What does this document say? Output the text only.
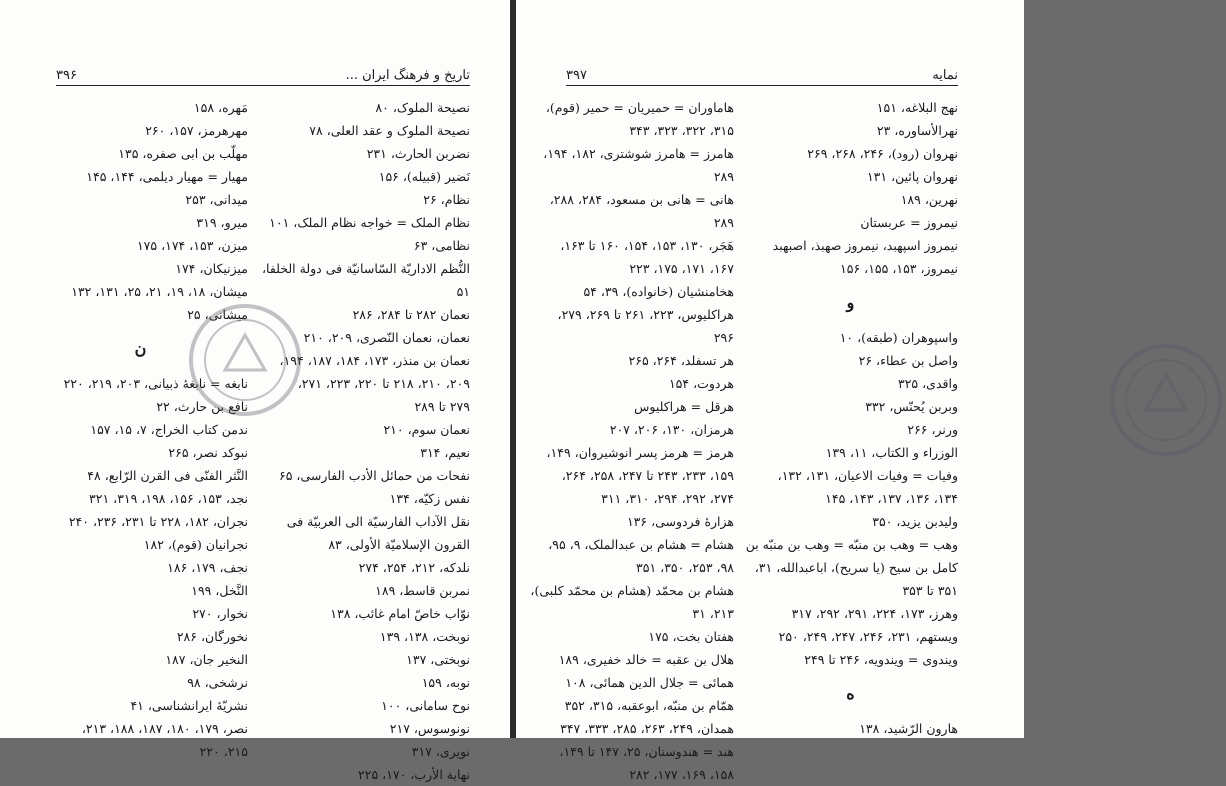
تاریخ و فرهنگ ایران ...
۳۹۶
نصیحة الملوک، ۸۰
نصیحة الملوک و عقد العلی، ۷۸
نضربن الحارث، ۲۳۱
نَضیر (قبیله)، ۱۵۶
نظام، ۲۶
نظام الملک = خواجه نظام الملک، ۱۰۱
نظامی، ۶۳
النُّظم الاداریّة السّاسانیّة فی دولة الخلفا،
۵۱
نعمان ۲۸۲ تا ۲۸۴، ۲۸۶
نعمان، نعمان النّصری، ۲۰۹، ۲۱۰
نعمان بن منذر، ۱۷۳، ۱۸۴، ۱۸۷، ۱۹۴،
۲۰۹، ۲۱۰، ۲۱۸ تا ۲۲۰، ۲۲۳، ۲۷۱،
۲۷۹ تا ۲۸۹
نعمان سوم، ۲۱۰
نعیم، ۳۱۴
نفحات من حمائل الأدب الفارسی، ۶۵
نفس زکیّه، ۱۳۴
نقل الآداب الفارسیّة الی العربیّة فی
القرون الإسلامیّة الأولی، ۸۳
نلدکه، ۲۱۲، ۲۵۴، ۲۷۴
نمربن قاسط، ۱۸۹
نوّاب خاصّ امام غائب، ۱۳۸
نوبخت، ۱۳۸، ۱۳۹
نوبختی، ۱۳۷
نوبه، ۱۵۹
نوح سامانی، ۱۰۰
نونوسوس، ۲۱۷
نویری، ۳۱۷
نهایة الأرب، ۱۷۰، ۲۲۵
مَهره، ۱۵۸
مهرهرمز، ۱۵۷، ۲۶۰
مهلّب بن ابی صفره، ۱۳۵
مهیار = مهیار دیلمی، ۱۴۴، ۱۴۵
میدانی، ۲۵۳
میرو، ۳۱۹
میزن، ۱۵۳، ۱۷۴، ۱۷۵
میزنیکان، ۱۷۴
میشان، ۱۸، ۱۹، ۲۱، ۲۵، ۱۳۱، ۱۳۲
میشانی، ۲۵
ن
نابغه = نابغهٔ ذبیانی، ۲۰۳، ۲۱۹، ۲۲۰
نافع بن حارث، ۲۲
ندمن کتاب الخراج، ۷، ۱۵، ۱۵۷
نبوکد نصر، ۲۶۵
النَّثر الفنّی فی القرن الرّابع، ۴۸
نجد، ۱۵۳، ۱۵۶، ۱۹۸، ۳۱۹، ۳۲۱
نجران، ۱۸۲، ۲۲۸ تا ۲۳۱، ۲۳۶، ۲۴۰
نجرانیان (قوم)، ۱۸۲
نجف، ۱۷۹، ۱۸۶
النَّخل، ۱۹۹
نخوار، ۲۷۰
نخورگان، ۲۸۶
النخیر جان، ۱۸۷
نرشخی، ۹۸
نشریّهٔ ایرانشناسی، ۴۱
نصر، ۱۷۹، ۱۸۰، ۱۸۷، ۱۸۸، ۲۱۳،
۲۱۵، ۲۲۰
نمایه
۳۹۷
نهج البلاغه، ۱۵۱
نهرالأساوره، ۲۳
نهروان (رود)، ۲۴۶، ۲۶۸، ۲۶۹
نهروان پائین، ۱۳۱
نهرین، ۱۸۹
نیمروز = عربستان
نیمروز اسپهبد، نیمروز صهبذ، اصبهبد
نیمروز، ۱۵۳، ۱۵۵، ۱۵۶
و
واسپوهران (طبقه)، ۱۰
واصل بن عطاء، ۲۶
واقدی، ۳۲۵
وبربن یُحنّس، ۳۳۲
ورنر، ۲۶۶
الوزراء و الکتاب، ۱۱، ۱۳۹
وفیات = وفیات الاعیان، ۱۳۱، ۱۳۲،
۱۳۴، ۱۳۶، ۱۳۷، ۱۴۳، ۱۴۵
ولیدبن یزید، ۳۵۰
وهب = وهب بن منبّه = وهب بن منبّه بن
کامل بن سیح (یا سریح)، اباعبدالله، ۳۱،
۳۵۱ تا ۳۵۳
وهرز، ۱۷۳، ۲۲۴، ۲۹۱، ۲۹۲، ۳۱۷
ویستهم، ۲۳۱، ۲۴۶، ۲۴۷، ۲۴۹، ۲۵۰
ویندوی = ویندویه، ۲۴۶ تا ۲۴۹
ه
هارون الرّشید، ۱۳۸
هاماوران = حمیریان = حمیر (قوم)،
۳۱۵، ۳۲۲، ۳۲۳، ۳۴۳
هامرز = هامرز شوشتری، ۱۸۲، ۱۹۴،
۲۸۹
هانی = هانی بن مسعود، ۲۸۴، ۲۸۸،
۲۸۹
هَجَر، ۱۳۰، ۱۵۳، ۱۵۴، ۱۶۰ تا ۱۶۳،
۱۶۷، ۱۷۱، ۱۷۵، ۲۲۳
هخامنشیان (خانواده)، ۳۹، ۵۴
هراکلیوس، ۲۲۳، ۲۶۱ تا ۲۶۹، ۲۷۹،
۲۹۶
هر تسفلد، ۲۶۴، ۲۶۵
هردوت، ۱۵۴
هرقل = هراکلیوس
هرمزان، ۱۳۰، ۲۰۶، ۲۰۷
هرمز = هرمز پسر انوشیروان، ۱۴۹،
۱۵۹، ۲۳۳، ۲۴۳ تا ۲۴۷، ۲۵۸، ۲۶۴،
۲۷۴، ۲۹۲، ۲۹۴، ۳۱۰، ۳۱۱
هزارهٔ فردوسی، ۱۳۶
هشام = هشام بن عبدالملک، ۹، ۹۵،
۹۸، ۲۵۳، ۳۵۰، ۳۵۱
هشام بن محمّد (هشام بن محمّد کلبی)،
۲۱۳، ۳۱
هفتان بخت، ۱۷۵
هلال بن عقبه = خالد خفیری، ۱۸۹
همائی = جلال الدین همائی، ۱۰۸
همّام بن منبّه، ابوعقبه، ۳۱۵، ۳۵۲
همدان، ۲۴۹، ۲۶۳، ۲۸۵، ۳۳۳، ۳۴۷
هند = هندوستان، ۲۵، ۱۴۷ تا ۱۴۹،
۱۵۸، ۱۶۹، ۱۷۷، ۲۸۲
